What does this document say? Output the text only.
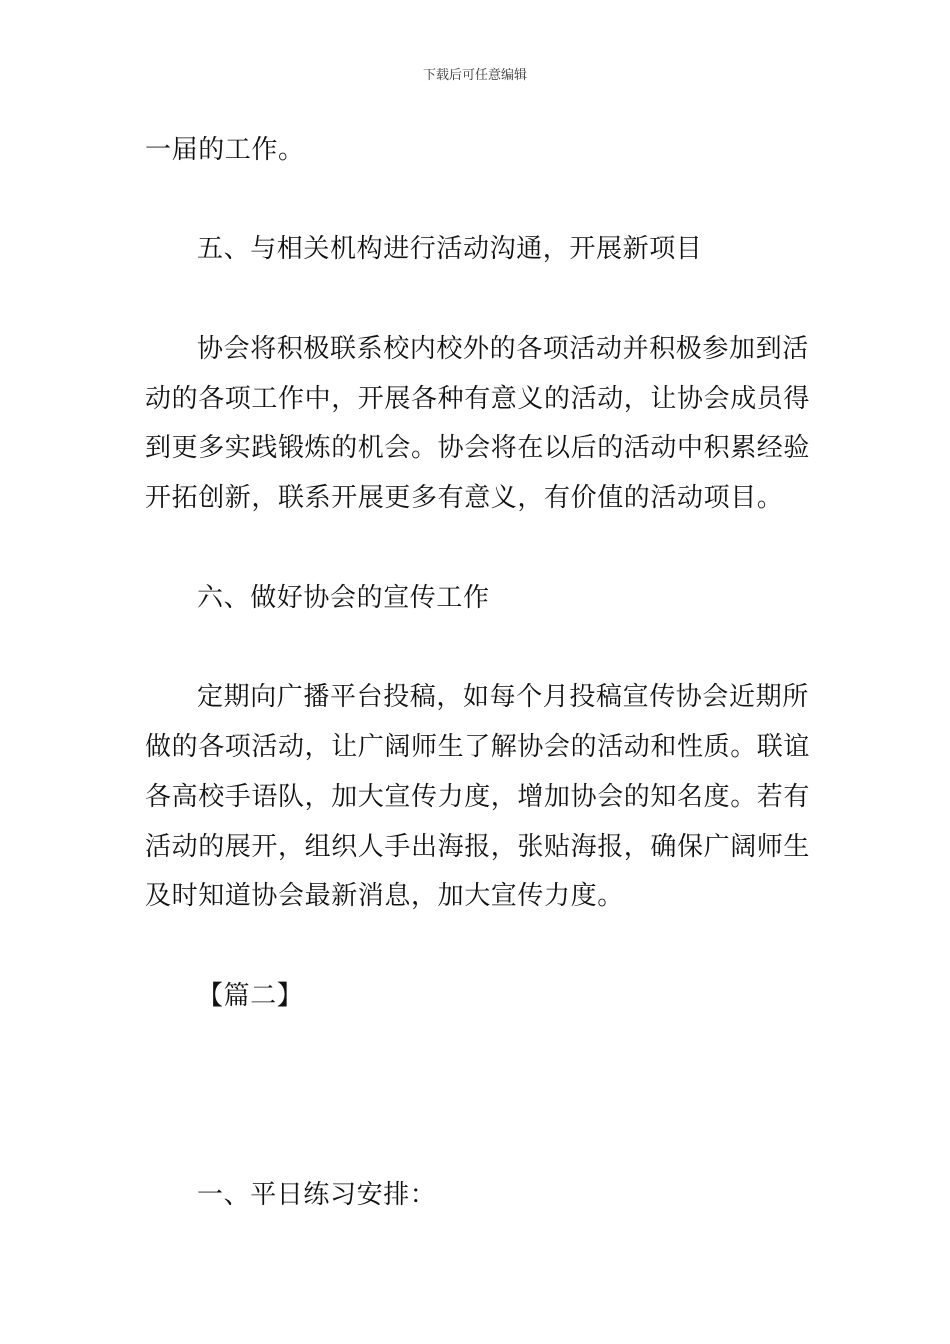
下载后可任意编辑
一届的工作。
五、与相关机构进行活动沟通，开展新项目
协会将积极联系校内校外的各项活动并积极参加到活
动的各项工作中，开展各种有意义的活动，让协会成员得
到更多实践锻炼的机会。协会将在以后的活动中积累经验
开拓创新，联系开展更多有意义，有价值的活动项目。
六、做好协会的宣传工作
定期向广播平台投稿，如每个月投稿宣传协会近期所
做的各项活动，让广阔师生了解协会的活动和性质。联谊
各高校手语队，加大宣传力度，增加协会的知名度。若有
活动的展开，组织人手出海报，张贴海报，确保广阔师生
及时知道协会最新消息，加大宣传力度。
【篇二】
一、平日练习安排：
